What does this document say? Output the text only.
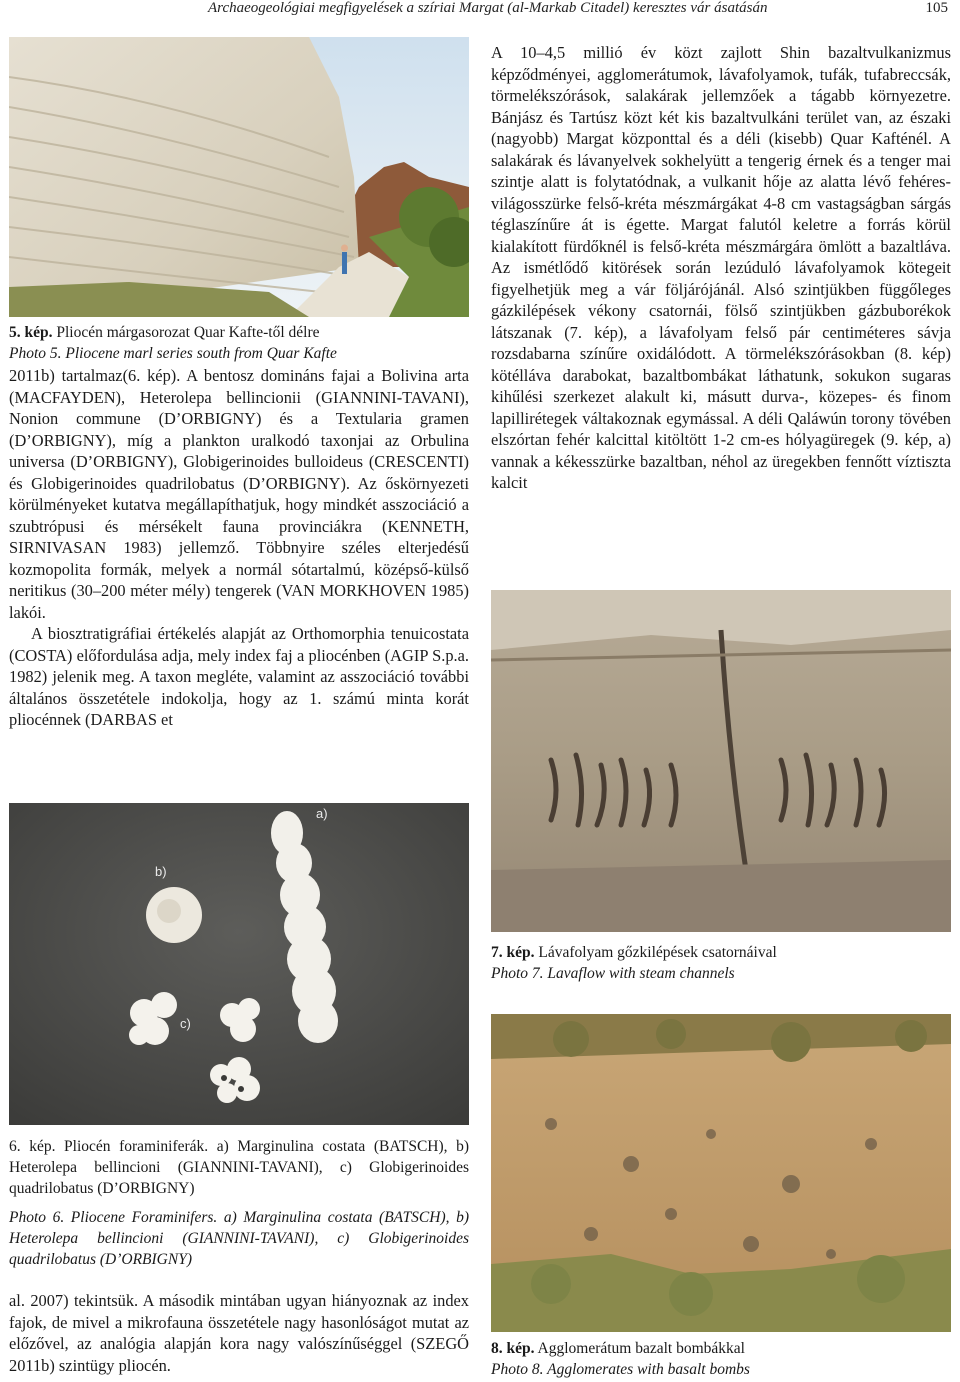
Archaeogeológiai megfigyelések a szíriai Margat (al-Markab Citadel) keresztes vár ásatásán	105
5. kép. Pliocén márgasorozat Quar Kafte-től délre
Photo 5. Pliocene marl series south from Quar Kafte

2011b) tartalmaz(6. kép). A bentosz domináns fajai a Bolivina arta (MACFAYDEN), Heterolepa bellincionii (GIANNINI-TAVANI), Nonion commune (D’ORBIGNY) és a Textularia gramen (D’ORBIGNY), míg a plankton uralkodó taxonjai az Orbulina universa (D’ORBIGNY), Globigerinoides bulloideus (CRESCENTI) és Globigerinoides quadrilobatus (D’ORBIGNY). Az őskörnyezeti körülményeket kutatva megállapíthatjuk, hogy mindkét asszociáció a szubtrópusi és mérsékelt fauna provinciákra (KENNETH, SIRNIVASAN 1983) jellemző. Többnyire széles elterjedésű kozmopolita formák, melyek a normál sótartalmú, középső-külső neritikus (30–200 méter mély) tengerek (VAN MORKHOVEN 1985) lakói.

A biosztratigráfiai értékelés alapját az Orthomorphia tenuicostata (COSTA) előfordulása adja, mely index faj a pliocénben (AGIP S.p.a. 1982) jelenik meg. A taxon megléte, valamint az asszociáció további általános összetétele indokolja, hogy az 1. számú minta korát pliocénnek (DARBAS et

a)
b)
c)
6. kép. Pliocén foraminiferák. a) Marginulina costata (BATSCH), b) Heterolepa bellincioni (GIANNINI-TAVANI), c) Globigerinoides quadrilobatus (D’ORBIGNY)
Photo 6. Pliocene Foraminifers. a) Marginulina costata (BATSCH), b) Heterolepa bellincioni (GIANNINI-TAVANI), c) Globigerinoides quadrilobatus (D’ORBIGNY)

al. 2007) tekintsük. A második mintában ugyan hiányoznak az index fajok, de mivel a mikrofauna összetétele nagy hasonlóságot mutat az előzővel, az analógia alapján kora nagy valószínűséggel (SZEGŐ 2011b) szintügy pliocén.

A 10–4,5 millió év közt zajlott Shin bazaltvulkanizmus képződményei, agglomerátumok, lávafolyamok, tufák, tufabreccsák, törmelékszórások, salakárak jellemzőek a tágabb környezetre. Bánjász és Tartúsz közt két kis bazaltvulkáni terület van, az északi (nagyobb) Margat központtal és a déli (kisebb) Quar Kafténél. A salakárak és lávanyelvek sokhelyütt a tengerig érnek és a tenger mai szintje alatt is folytatódnak, a vulkanit hője az alatta lévő fehéres-világosszürke felső-kréta mészmárgákat 4-8 cm vastagságban sárgás téglaszínűre át is égette. Margat falutól keletre a forrás körül kialakított fürdőknél is felső-kréta mészmárgára ömlött a bazaltláva. Az ismétlődő kitörések során lezúduló lávafolyamok kötegeit figyelhetjük meg a vár följárójánál. Alsó szintjükben függőleges gázkilépések vékony csatornái, fölső szintjükben gázbuborékok látszanak (7. kép), a lávafolyam felső pár centiméteres sávja rozsdabarna színűre oxidálódott. A törmelékszórásokban (8. kép) kötélláva darabokat, bazaltbombákat láthatunk, sokukon sugaras kihűlési szerkezet alakult ki, másutt durva-, közepes- és finom lapillirétegek váltakoznak egymással. A déli Qaláwún torony tövében elszórtan fehér kalcittal kitöltött 1-2 cm-es hólyagüregek (9. kép, a) vannak a kékesszürke bazaltban, néhol az üregekben fennőtt víztiszta kalcit

7. kép. Lávafolyam gőzkilépések csatornáival
Photo 7. Lavaflow with steam channels
8. kép. Agglomerátum bazalt bombákkal
Photo 8. Agglomerates with basalt bombs
